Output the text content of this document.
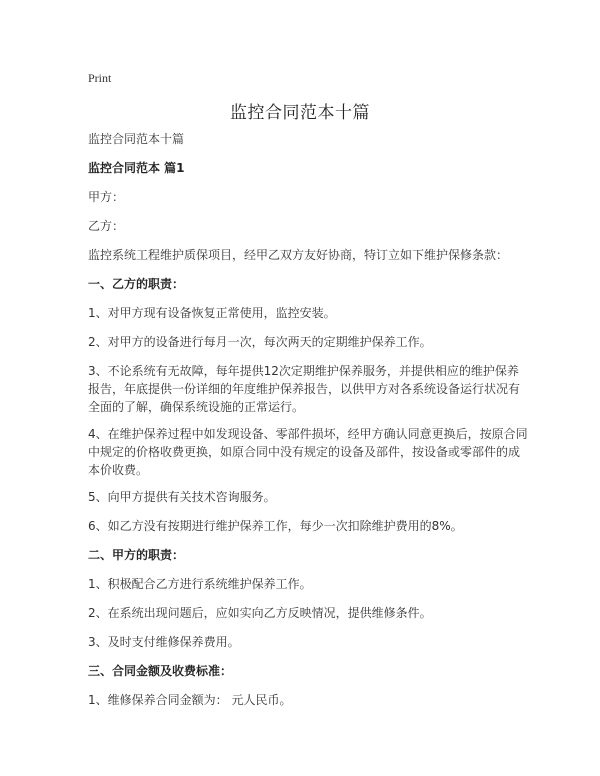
Print
监控合同范本十篇

监控合同范本十篇

监控合同范本 篇1

甲方：

乙方：

监控系统工程维护质保项目，经甲乙双方友好协商，特订立如下维护保修条款：

一、乙方的职责：

1、对甲方现有设备恢复正常使用，监控安装。

2、对甲方的设备进行每月一次，每次两天的定期维护保养工作。

3、不论系统有无故障，每年提供12次定期维护保养服务，并提供相应的维护保养报告，年底提供一份详细的年度维护保养报告，以供甲方对各系统设备运行状况有全面的了解，确保系统设施的正常运行。

4、在维护保养过程中如发现设备、零部件损坏，经甲方确认同意更换后，按原合同中规定的价格收费更换，如原合同中没有规定的设备及部件，按设备或零部件的成本价收费。

5、向甲方提供有关技术咨询服务。

6、如乙方没有按期进行维护保养工作，每少一次扣除维护费用的8%。

二、甲方的职责：

1、积极配合乙方进行系统维护保养工作。

2、在系统出现问题后，应如实向乙方反映情况，提供维修条件。

3、及时支付维修保养费用。

三、合同金额及收费标准：

1、维修保养合同金额为： 元人民币。
